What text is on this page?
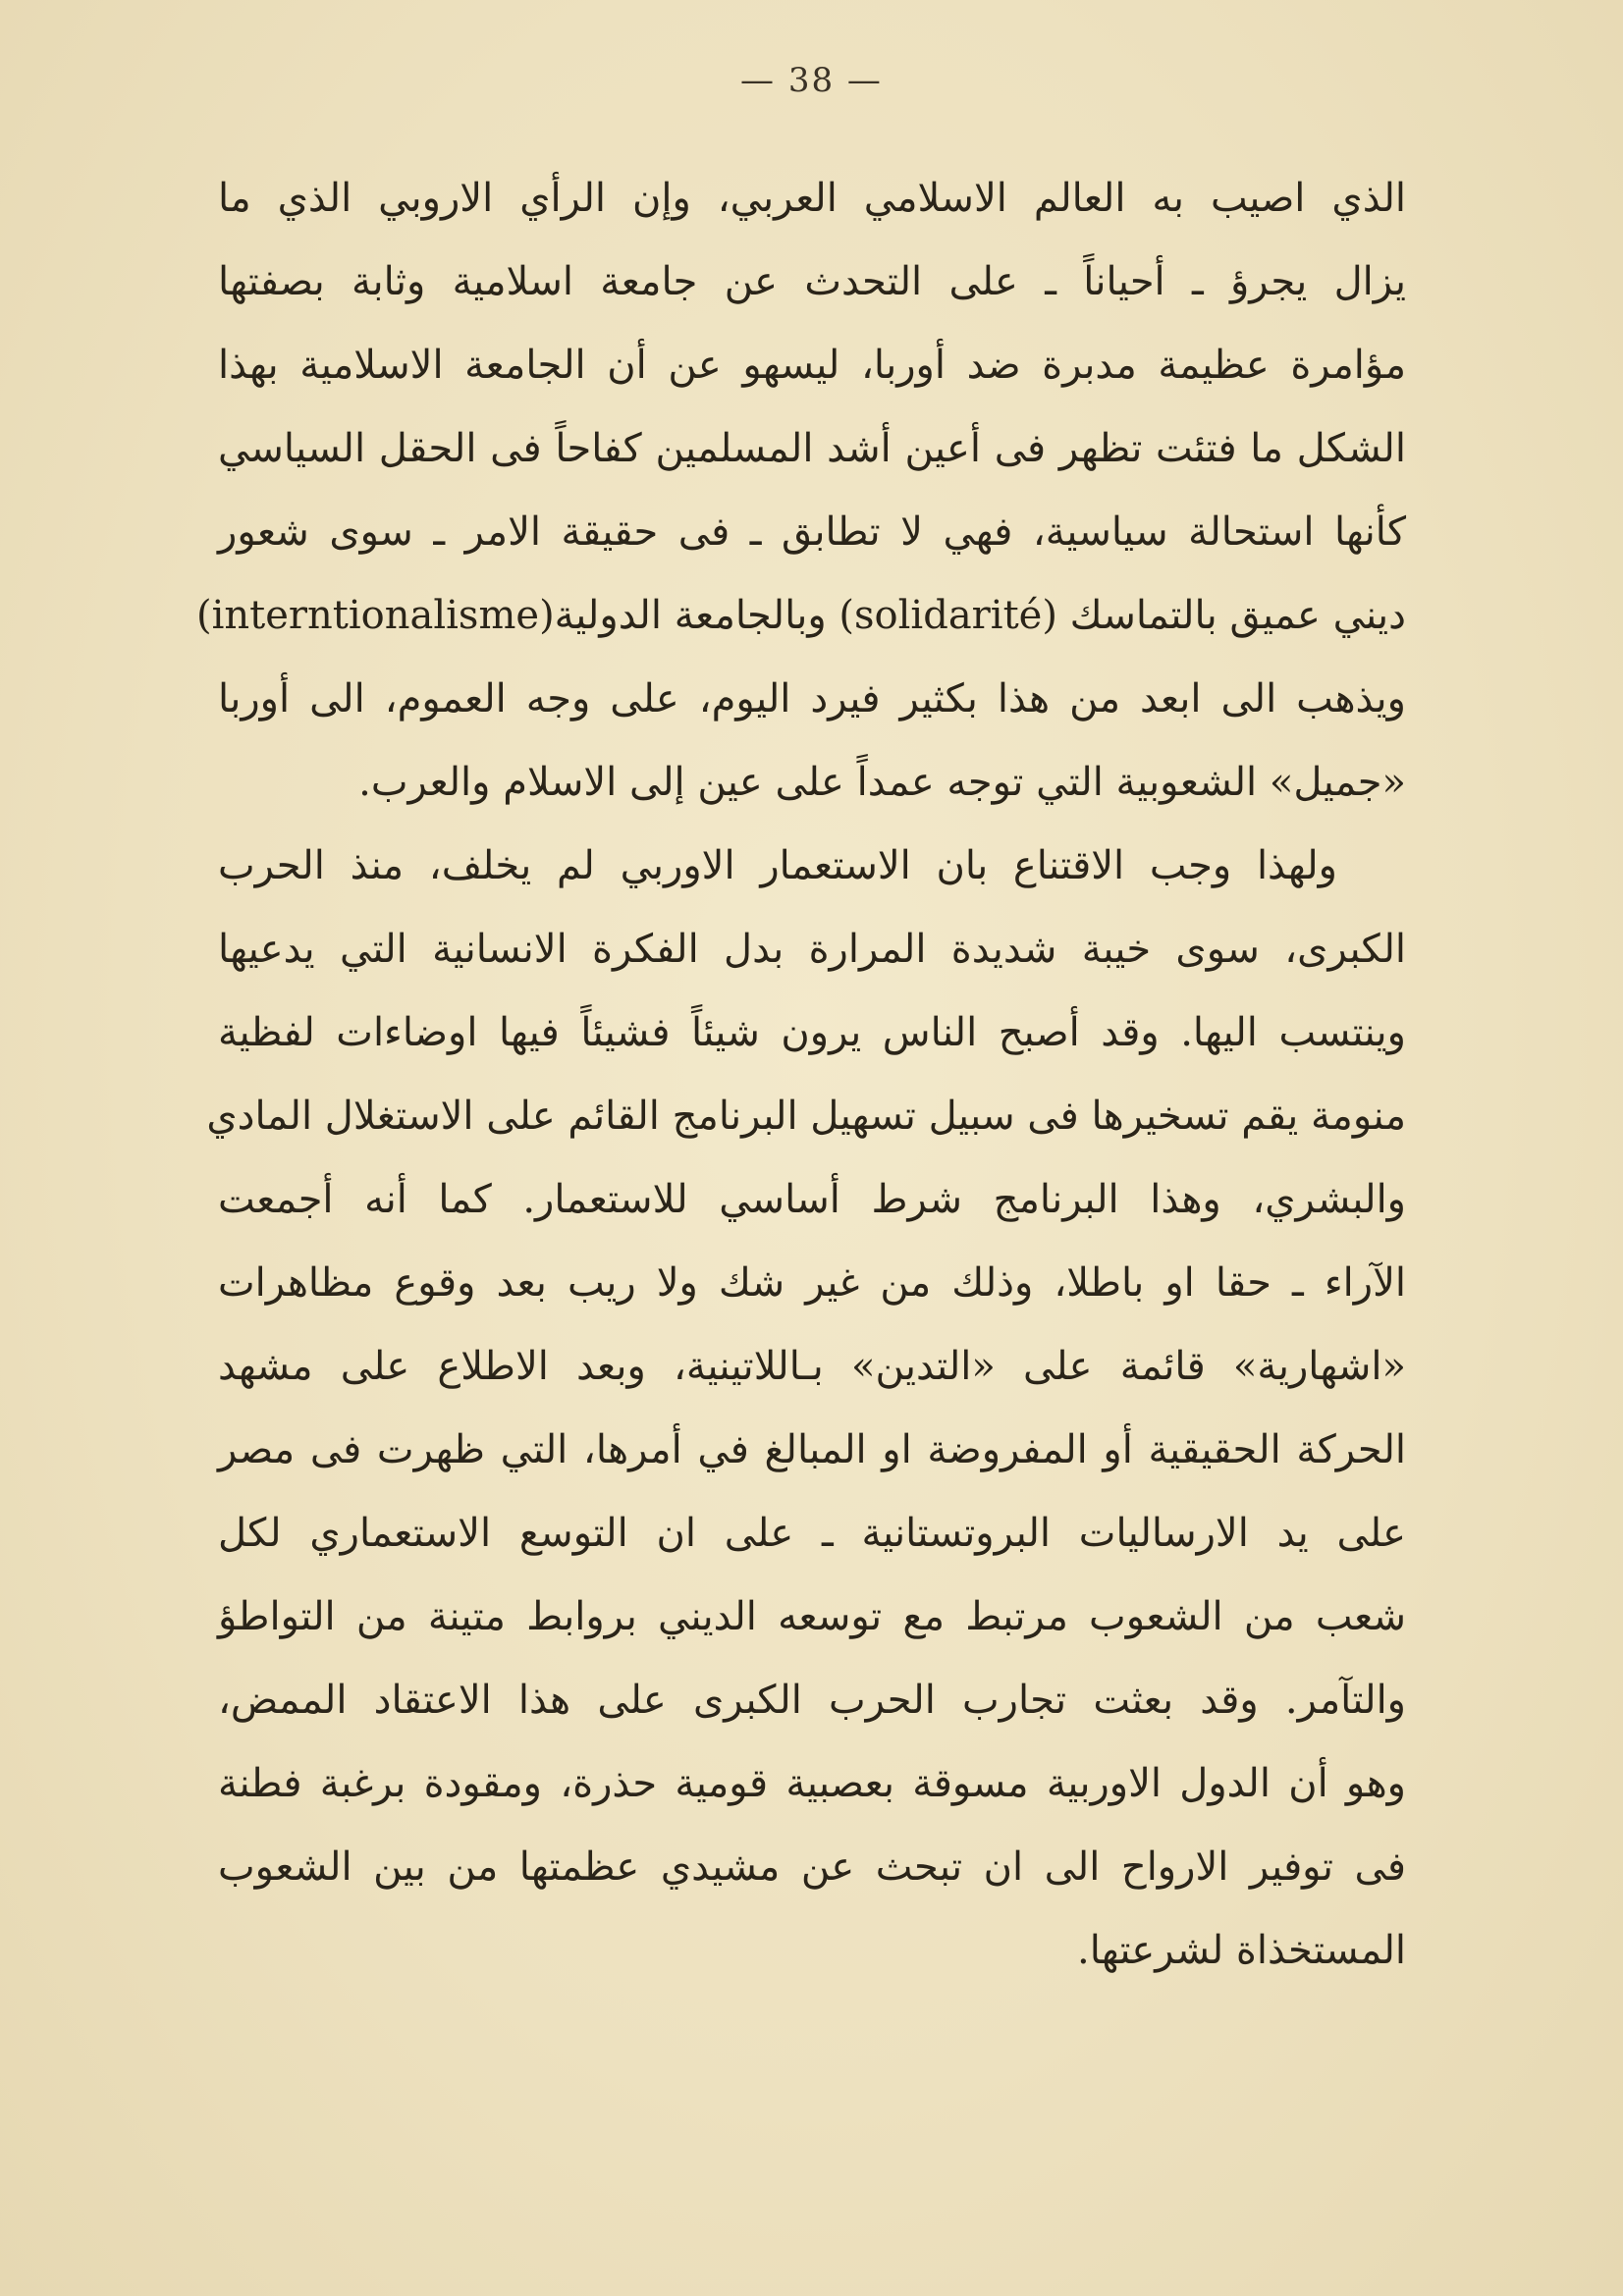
— 38 —
الذي اصيب به العالم الاسلامي العربي، وإن الرأي الاروبي الذي ما
يزال يجرؤ ـ أحياناً ـ على التحدث عن جامعة اسلامية وثابة بصفتها
مؤامرة عظيمة مدبرة ضد أوربا، ليسهو عن أن الجامعة الاسلامية بهذا
الشكل ما فتئت تظهر فى أعين أشد المسلمين كفاحاً فى الحقل السياسي
كأنها استحالة سياسية، فهي لا تطابق ـ فى حقيقة الامر ـ سوى شعور
ديني عميق بالتماسك (solidarité) وبالجامعة الدولية(interntionalisme)
ويذهب الى ابعد من هذا بكثير فيرد اليوم، على وجه العموم، الى أوربا
«جميل» الشعوبية التي توجه عمداً على عين إلى الاسلام والعرب.
ولهذا وجب الاقتناع بان الاستعمار الاوربي لم يخلف، منذ الحرب
الكبرى، سوى خيبة شديدة المرارة بدل الفكرة الانسانية التي يدعيها
وينتسب اليها. وقد أصبح الناس يرون شيئاً فشيئاً فيها اوضاءات لفظية
منومة يقم تسخيرها فى سبيل تسهيل البرنامج القائم على الاستغلال المادي
والبشري، وهذا البرنامج شرط أساسي للاستعمار. كما أنه أجمعت
الآراء ـ حقا او باطلا، وذلك من غير شك ولا ريب بعد وقوع مظاهرات
«اشهارية» قائمة على «التدين» بـاللاتينية، وبعد الاطلاع على مشهد
الحركة الحقيقية أو المفروضة او المبالغ في أمرها، التي ظهرت فى مصر
على يد الارساليات البروتستانية ـ على ان التوسع الاستعماري لكل
شعب من الشعوب مرتبط مع توسعه الديني بروابط متينة من التواطؤ
والتآمر. وقد بعثت تجارب الحرب الكبرى على هذا الاعتقاد الممض،
وهو أن الدول الاوربية مسوقة بعصبية قومية حذرة، ومقودة برغبة فطنة
فى توفير الارواح الى ان تبحث عن مشيدي عظمتها من بين الشعوب
المستخذاة لشرعتها.
